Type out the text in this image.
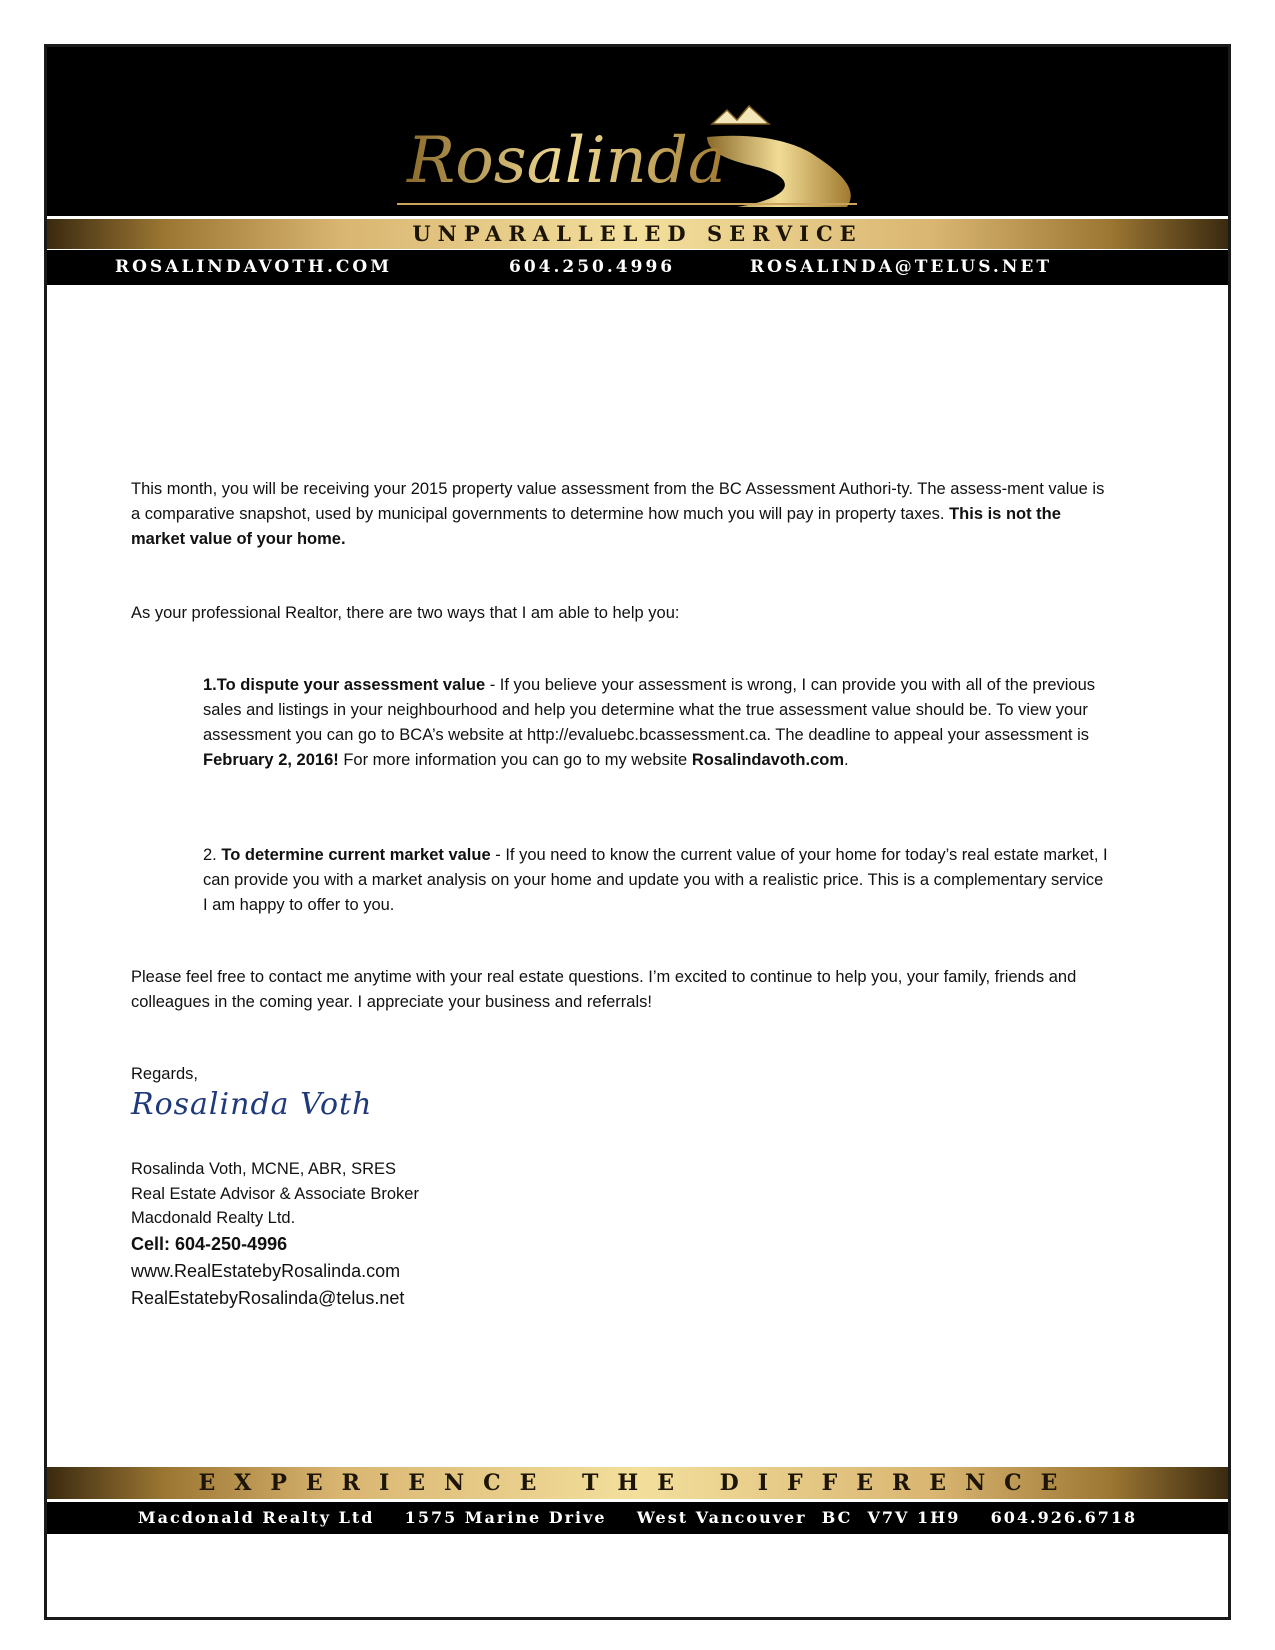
Rosalinda
UNPARALLELED SERVICE
ROSALINDAVOTH.COM	604.250.4996	ROSALINDA@TELUS.NET

This month, you will be receiving your 2015 property value assessment from the BC Assessment Authori-ty. The assess-ment value is a comparative snapshot, used by municipal governments to determine how much you will pay in property taxes. This is not the market value of your home.

As your professional Realtor, there are two ways that I am able to help you:

1.To dispute your assessment value - If you believe your assessment is wrong, I can provide you with all of the previous sales and listings in your neighbourhood and help you determine what the true assessment value should be. To view your assessment you can go to BCA’s website at http://evaluebc.bcassessment.ca. The deadline to appeal your assessment is February 2, 2016! For more information you can go to my website Rosalindavoth.com.

2. To determine current market value - If you need to know the current value of your home for today’s real estate market, I can provide you with a market analysis on your home and update you with a realistic price. This is a complementary service I am happy to offer to you.

Please feel free to contact me anytime with your real estate questions. I’m excited to continue to help you, your family, friends and colleagues in the coming year. I appreciate your business and referrals!

Regards,
Rosalinda Voth
Rosalinda Voth, MCNE, ABR, SRES
Real Estate Advisor & Associate Broker
Macdonald Realty Ltd.
Cell: 604-250-4996
www.RealEstatebyRosalinda.com
RealEstatebyRosalinda@telus.net
EXPERIENCE THE DIFFERENCE
Macdonald Realty Ltd    1575 Marine Drive    West Vancouver  BC  V7V 1H9    604.926.6718
